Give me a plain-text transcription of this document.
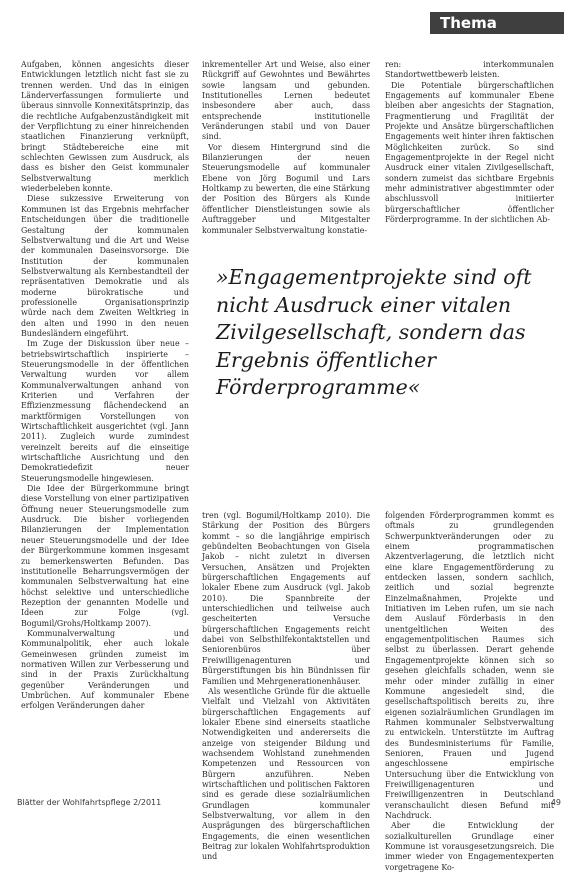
Thema

Aufgaben, können angesichts dieser Entwicklungen letztlich nicht fast sie zu trennen werden. Und das in einigen Länderverfassungen formulierte und überaus sinnvolle Konnexitätsprinzip, das die rechtliche Aufgabenzuständigkeit mit der Verpflichtung zu einer hinreichenden staatlichen Finanzierung verknüpft, bringt Städtebereiche eine mit schlechten Gewissen zum Ausdruck, als dass es bisher den Geist kommunaler Selbstverwaltung merklich wiederbeleben konnte.

Diese sukzessive Erweiterung von Kommunen ist das Ergebnis mehrfacher Entscheidungen über die traditionelle Gestaltung der kommunalen Selbstverwaltung und die Art und Weise der kommunalen Daseinsvorsorge. Die Institution der kommunalen Selbstverwaltung als Kernbestandteil der repräsentativen Demokratie und als moderne bürokratische und professionelle Organisationsprinzip würde nach dem Zweiten Weltkrieg in den alten und 1990 in den neuen Bundesländern eingeführt.

Im Zuge der Diskussion über neue – betriebswirtschaftlich inspirierte – Steuerungsmodelle in der öffentlichen Verwaltung wurden vor allem Kommunalverwaltungen anhand von Kriterien und Verfahren der Effizienzmessung flächendeckend an marktförmigen Vorstellungen von Wirtschaftlichkeit ausgerichtet (vgl. Jann 2011). Zugleich wurde zumindest vereinzelt bereits auf die einseitige wirtschaftliche Ausrichtung und den Demokratiedefizit neuer Steuerungsmodelle hingewiesen.

Die Idee der Bürgerkommune bringt diese Vorstellung von einer partizipativen Öffnung neuer Steuerungsmodelle zum Ausdruck. Die bisher vorliegenden Bilanzierungen der Implementation neuer Steuerungsmodelle und der Idee der Bürgerkommune kommen insgesamt zu bemerkenswerten Befunden. Das institutionelle Beharrungsvermögen der kommunalen Selbstverwaltung hat eine höchst selektive und unterschiedliche Rezeption der genannten Modelle und Ideen zur Folge (vgl. Bogumil/Grohs/Holtkamp 2007).

Kommunalverwaltung und Kommunalpolitik, eher auch lokale Gemeinwesen gründen zumeist im normativen Willen zur Verbesserung und sind in der Praxis Zurückhaltung gegenüber Veränderungen und Umbrüchen. Auf kommunaler Ebene erfolgen Veränderungen daher

inkrementeller Art und Weise, also einer Rückgriff auf Gewohntes und Bewährtes sowie langsam und gebunden. Institutionelles Lernen bedeutet insbesondere aber auch, dass entsprechende institutionelle Veränderungen stabil und von Dauer sind.

Vor diesem Hintergrund sind die Bilanzierungen der neuen Steuerungsmodelle auf kommunaler Ebene von Jörg Bogumil und Lars Holtkamp zu bewerten, die eine Stärkung der Position des Bürgers als Kunde öffentlicher Dienstleistungen sowie als Auftraggeber und Mitgestalter kommunaler Selbstverwaltung konstatie-

ren: interkommunalen Standortwettbewerb leisten.

Die Potentiale bürgerschaftlichen Engagements auf kommunaler Ebene bleiben aber angesichts der Stagnation, Fragmentierung und Fragilität der Projekte und Ansätze bürgerschaftlichen Engagements weit hinter ihren faktischen Möglichkeiten zurück. So sind Engagementprojekte in der Regel nicht Ausdruck einer vitalen Zivilgesellschaft, sondern zumeist das sichtbare Ergebnis mehr administrativer abgestimmter oder abschlussvoll initiierter bürgerschaftlicher öffentlicher Förderprogramme. In der sichtlichen Ab-

»Engagementprojekte sind oft nicht Ausdruck einer vitalen Zivilgesellschaft, sondern das Ergebnis öffentlicher Förderprogramme«

tren (vgl. Bogumil/Holtkamp 2010). Die Stärkung der Position des Bürgers kommt – so die langjährige empirisch gebündelten Beobachtungen von Gisela Jakob – nicht zuletzt in diversen Versuchen, Ansätzen und Projekten bürgerschaftlichen Engagements auf lokaler Ebene zum Ausdruck (vgl. Jakob 2010). Die Spannbreite der unterschiedlichen und teilweise auch gescheiterten Versuche bürgerschaftlichen Engagements reicht dabei von Selbsthilfekontaktstellen und Seniorenbüros über Freiwilligenagenturen und Bürgerstiftungen bis hin Bündnissen für Familien und Mehrgenerationenhäuser.

Als wesentliche Gründe für die aktuelle Vielfalt und Vielzahl von Aktivitäten bürgerschaftlichen Engagements auf lokaler Ebene sind einerseits staatliche Notwendigkeiten und andererseits die anzeige von steigender Bildung und wachsendem Wohlstand zunehmenden Kompetenzen und Ressourcen von Bürgern anzuführen. Neben wirtschaftlichen und politischen Faktoren sind es gerade diese sozialräumlichen Grundlagen kommunaler Selbstverwaltung, vor allem in den Ausprägungen des bürgerschaftlichen Engagements, die einen wesentlichen Beitrag zur lokalen Wohlfahrtsproduktion und

folgenden Förderprogrammen kommt es oftmals zu grundlegenden Schwerpunktveränderungen oder zu einem programmatischen Akzentverlagerung, die letztlich nicht eine klare Engagementförderung zu entdecken lassen, sondern sachlich, zeitlich und sozial begrenzte Einzelmaßnahmen, Projekte und Initiativen im Leben rufen, um sie nach dem Auslauf Förderbasis in den unentgeltlichen Weiten des engagementpolitischen Raumes sich selbst zu überlassen. Derart gehende Engagementprojekte können sich so gesehen gleichfalls schaden, wenn sie mehr oder minder zufällig in einer Kommune angesiedelt sind, die gesellschaftspolitisch bereits zu, ihre eigenen sozialräumlichen Grundlagen im Rahmen kommunaler Selbstverwaltung zu entwickeln. Unterstützte im Auftrag des Bundesministeriums für Familie, Senioren, Frauen und Jugend angeschlossene empirische Untersuchung über die Entwicklung von Freiwilligenagenturen und Freiwilligenzentren in Deutschland veranschaulicht diesen Befund mit Nachdruck.

Aber die Entwicklung der sozialkulturellen Grundlage einer Kommune ist vorausgesetzungsreich. Die immer wieder von Engagementexperten vorgetragene Ko-

Blätter der Wohlfahrtspflege 2/2011	49
